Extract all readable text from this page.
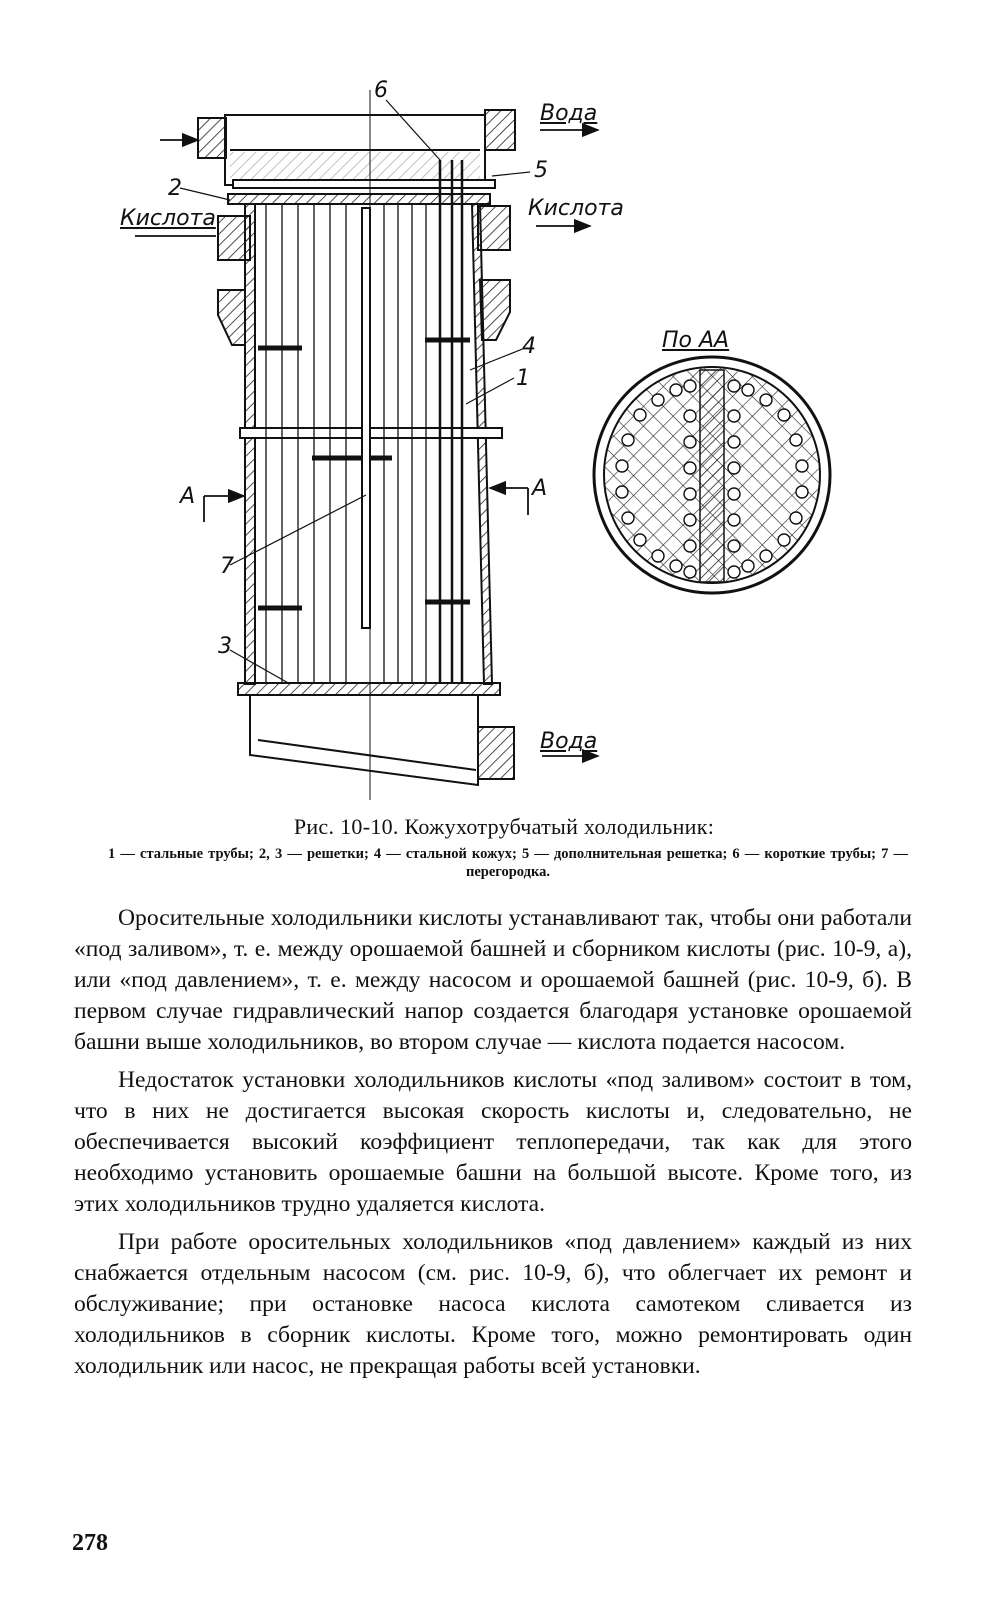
Вода
Вода
Кислота	Кислота
По АА
А	А
1
2
3
4
5
6
7
Рис. 10-10. Кожухотрубчатый холодильник:
1 — стальные трубы; 2, 3 — решетки; 4 — стальной кожух; 5 — дополнительная решетка; 6 — короткие трубы; 7 — перегородка.

Оросительные холодильники кислоты устанавливают так, чтобы они работали «под заливом», т. е. между орошаемой башней и сборником кислоты (рис. 10-9, а), или «под давлением», т. е. между насосом и орошаемой башней (рис. 10-9, б). В первом случае гидравлический напор создается благодаря установке орошаемой башни выше холодильников, во втором случае — кислота подается насосом.

Недостаток установки холодильников кислоты «под заливом» состоит в том, что в них не достигается высокая скорость кислоты и, следовательно, не обеспечивается высокий коэффициент теплопередачи, так как для этого необходимо установить орошаемые башни на большой высоте. Кроме того, из этих холодильников трудно удаляется кислота.

При работе оросительных холодильников «под давлением» каждый из них снабжается отдельным насосом (см. рис. 10-9, б), что облегчает их ремонт и обслуживание; при остановке насоса кислота самотеком сливается из холодильников в сборник кислоты. Кроме того, можно ремонтировать один холодильник или насос, не прекращая работы всей установки.

278
